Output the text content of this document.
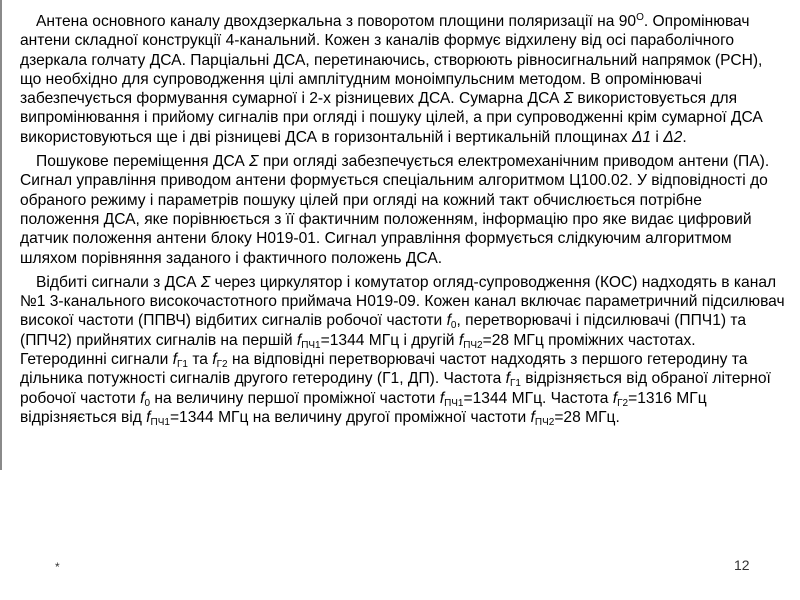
Антена основного каналу двохдзеркальна з поворотом площини поляризації на $90^О$. Опромінювач антени складної конструкції 4-канальний. Кожен з каналів формує відхилену від осі параболічного дзеркала голчату ДСА. Парціальні ДСА, перетинаючись, створюють рівносигнальний напрямок (РСН), що необхідно для супроводження цілі амплітудним моноімпульсним методом. В опромінювачі забезпечується формування сумарної і 2-х різницевих ДСА. Сумарна ДСА Σ використовується для випромінювання і прийому сигналів при огляді і пошуку цілей, а при супроводженні крім сумарної ДСА використовуються ще і дві різницеві ДСА в горизонтальній і вертикальній площинах Δ1 і Δ2.

Пошукове переміщення ДСА Σ при огляді забезпечується електромеханічним приводом антени (ПА). Сигнал управління приводом антени формується спеціальним алгоритмом Ц100.02. У відповідності до обраного режиму і параметрів пошуку цілей при огляді на кожний такт обчислюється потрібне положення ДСА, яке порівнюється з її фактичним положенням, інформацію про яке видає цифровий датчик положення антени блоку Н019-01. Сигнал управління формується слідкуючим алгоритмом шляхом порівняння заданого і фактичного положень ДСА.

Відбиті сигнали з ДСА Σ через циркулятор і комутатор огляд-супроводження (КОС) надходять в канал №1 3-канального високочастотного приймача Н019-09. Кожен канал включає параметричний підсилювач високої частоти (ППВЧ) відбитих сигналів робочої частоти $f_0$, перетворювачі і підсилювачі (ППЧ1) та (ППЧ2) прийнятих сигналів на першій $f_{ПЧ1}=1344$ МГц і другій $f_{ПЧ2}=28$ МГц проміжних частотах. Гетеродинні сигнали $f_{Г1}$ та $f_{Г2}$ на відповідні перетворювачі частот надходять з першого гетеродину та дільника потужності сигналів другого гетеродину (Г1, ДП). Частота $f_{Г1}$ відрізняється від обраної літерної робочої частоти $f_0$ на величину першої проміжної частоти $f_{ПЧ1}=1344$ МГц. Частота $f_{Г2}=1316$ МГц відрізняється від $f_{ПЧ1}=1344$ МГц на величину другої проміжної частоти $f_{ПЧ2}=28$ МГц.

*	12
